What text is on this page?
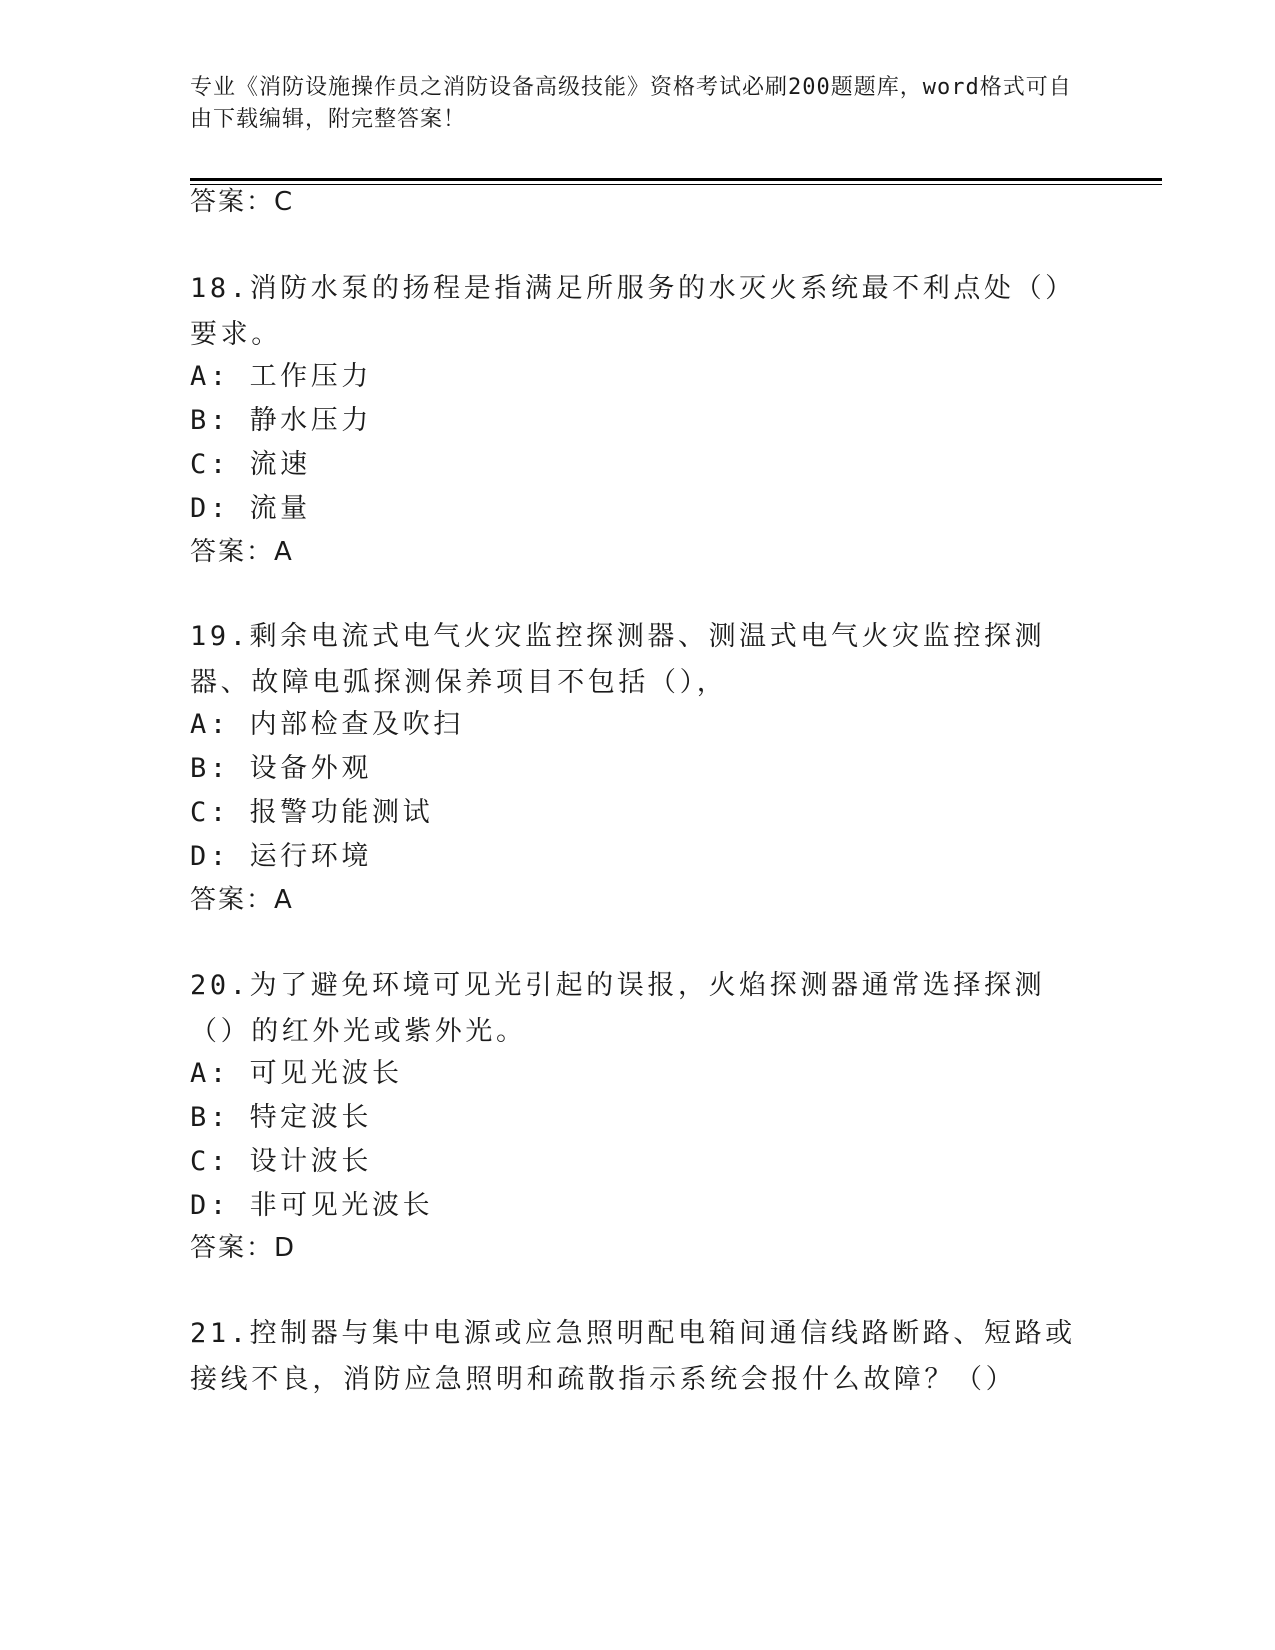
专业《消防设施操作员之消防设备高级技能》资格考试必刷200题题库，word格式可自由下载编辑，附完整答案！
答案：C
18.消防水泵的扬程是指满足所服务的水灭火系统最不利点处（）要求。
A: 工作压力
B: 静水压力
C: 流速
D: 流量
答案：A
19.剩余电流式电气火灾监控探测器、测温式电气火灾监控探测器、故障电弧探测保养项目不包括（），
A: 内部检查及吹扫
B: 设备外观
C: 报警功能测试
D: 运行环境
答案：A
20.为了避免环境可见光引起的误报，火焰探测器通常选择探测（）的红外光或紫外光。
A: 可见光波长
B: 特定波长
C: 设计波长
D: 非可见光波长
答案：D
21.控制器与集中电源或应急照明配电箱间通信线路断路、短路或接线不良，消防应急照明和疏散指示系统会报什么故障？（）
